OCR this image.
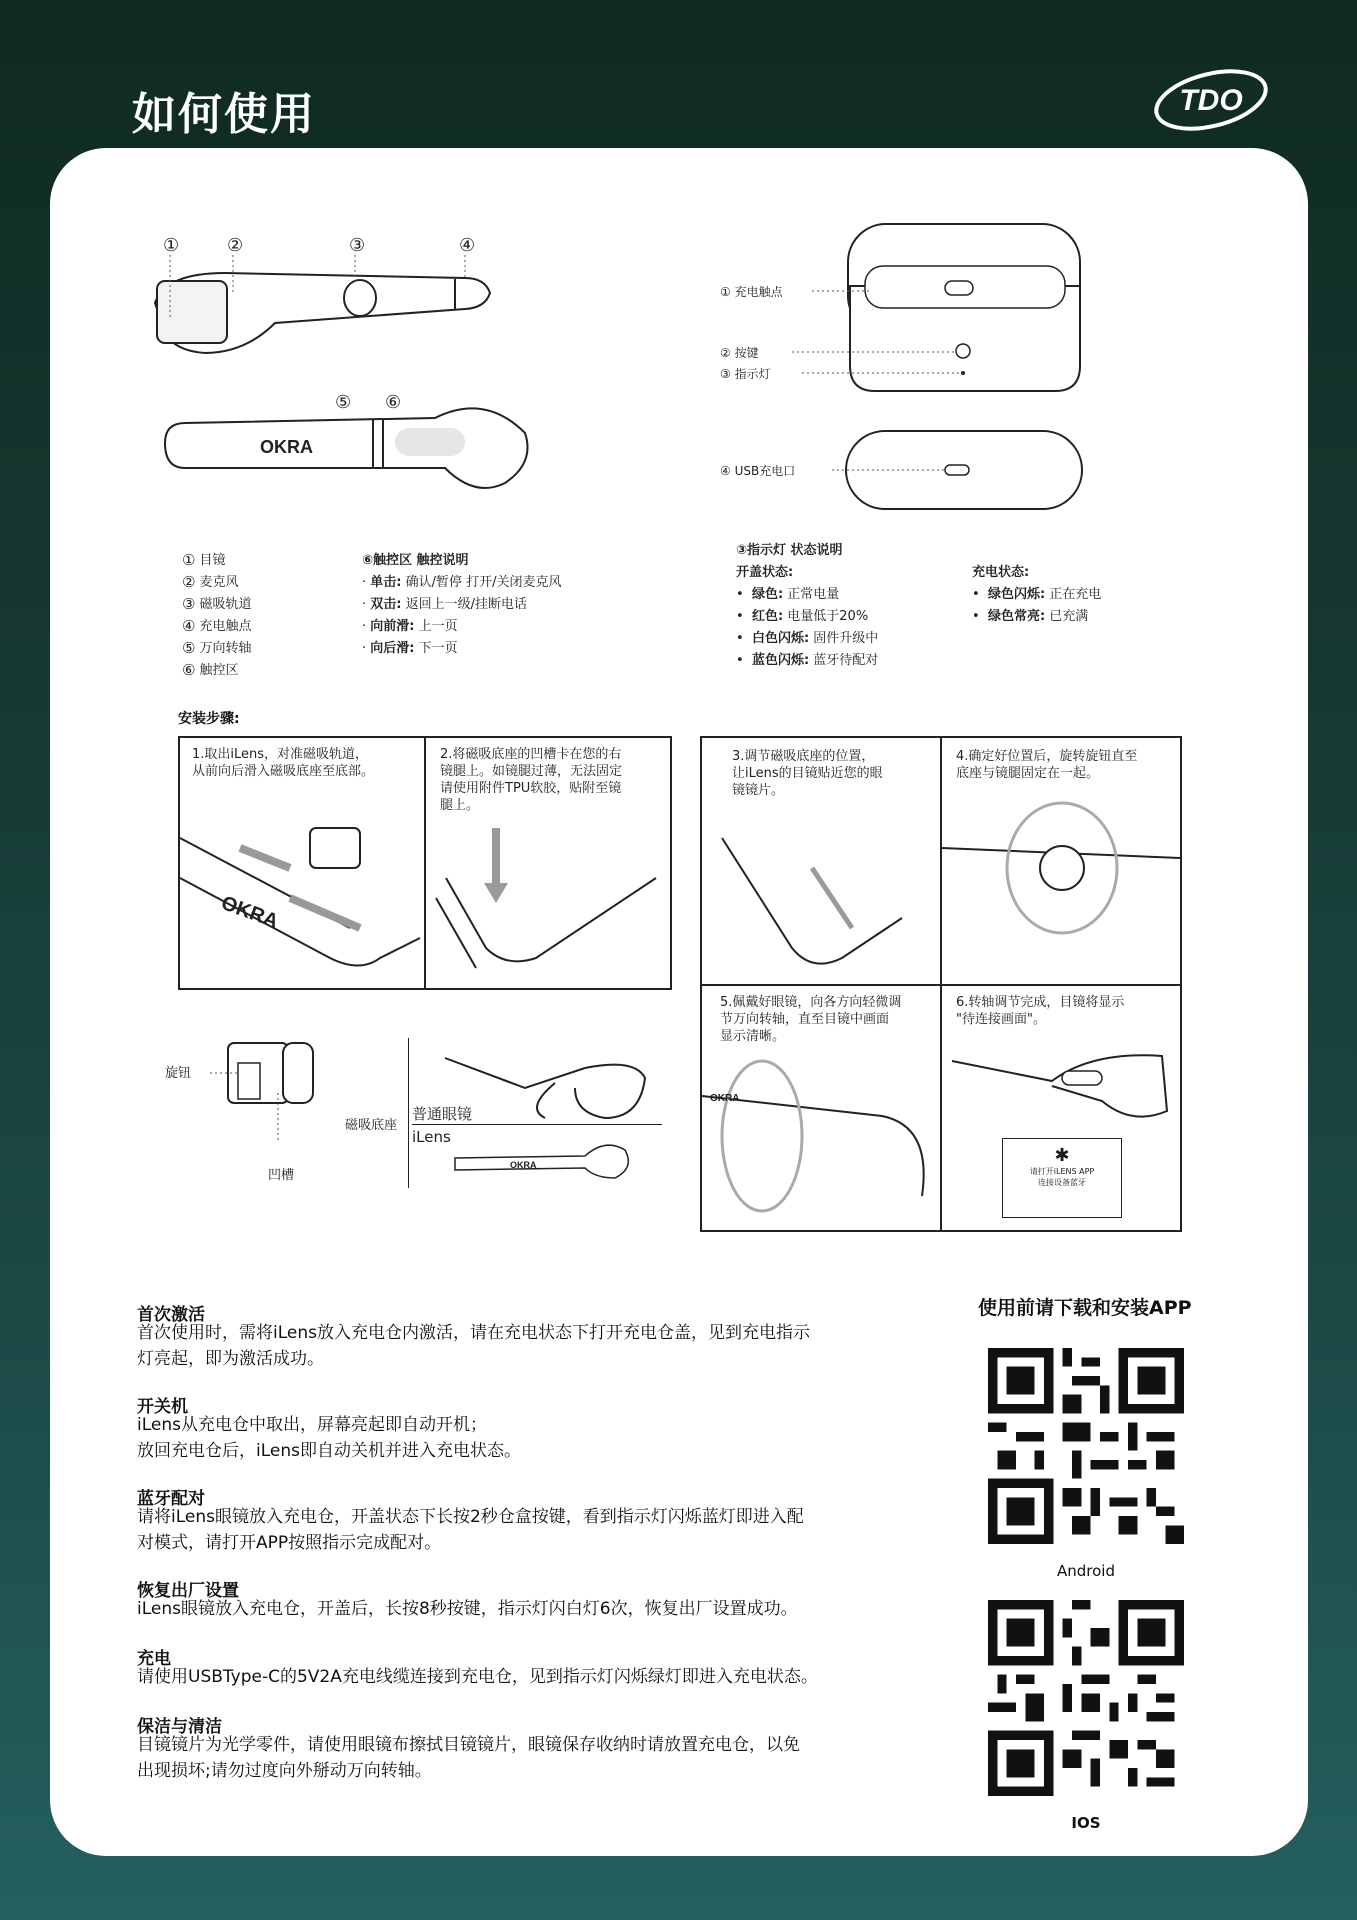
如何使用	TDO
①	②	③	④
⑤ ⑥
OKRA
① 目镜
② 麦克风
③ 磁吸轨道
④ 充电触点
⑤ 万向转轴
⑥ 触控区
⑥触控区 触控说明
· 单击: 确认/暂停 打开/关闭麦克风
· 双击: 返回上一级/挂断电话
· 向前滑: 上一页
· 向后滑: 下一页
① 充电触点
② 按键
③ 指示灯
④ USB充电口
③指示灯 状态说明
开盖状态:
•  绿色: 正常电量
•  红色: 电量低于20%
•  白色闪烁: 固件升级中
•  蓝色闪烁: 蓝牙待配对
充电状态:
•  绿色闪烁: 正在充电
•  绿色常亮: 已充满
安装步骤:
1.取出iLens，对准磁吸轨道，
从前向后滑入磁吸底座至底部。
OKRA
2.将磁吸底座的凹槽卡在您的右
镜腿上。如镜腿过薄，无法固定
请使用附件TPU软胶，贴附至镜
腿上。
3.调节磁吸底座的位置，
让iLens的目镜贴近您的眼
镜镜片。
4.确定好位置后，旋转旋钮直至
底座与镜腿固定在一起。
5.佩戴好眼镜，向各方向轻微调
节万向转轴，直至目镜中画面
显示清晰。
OKRA
6.转轴调节完成，目镜将显示
"待连接画面"。
✱
请打开iLENS APP
连接设备蓝牙
旋钮
凹槽
磁吸底座
普通眼镜
iLens
OKRA
首次激活
首次使用时，需将iLens放入充电仓内激活，请在充电状态下打开充电仓盖，见到充电指示
灯亮起，即为激活成功。
开关机
iLens从充电仓中取出，屏幕亮起即自动开机；
放回充电仓后，iLens即自动关机并进入充电状态。
蓝牙配对
请将iLens眼镜放入充电仓，开盖状态下长按2秒仓盒按键，看到指示灯闪烁蓝灯即进入配
对模式，请打开APP按照指示完成配对。
恢复出厂设置
iLens眼镜放入充电仓，开盖后，长按8秒按键，指示灯闪白灯6次，恢复出厂设置成功。
充电
请使用USBType-C的5V2A充电线缆连接到充电仓，见到指示灯闪烁绿灯即进入充电状态。
保洁与清洁
目镜镜片为光学零件，请使用眼镜布擦拭目镜镜片，眼镜保存收纳时请放置充电仓，以免
出现损坏;请勿过度向外掰动万向转轴。
使用前请下载和安装APP
Android
IOS
